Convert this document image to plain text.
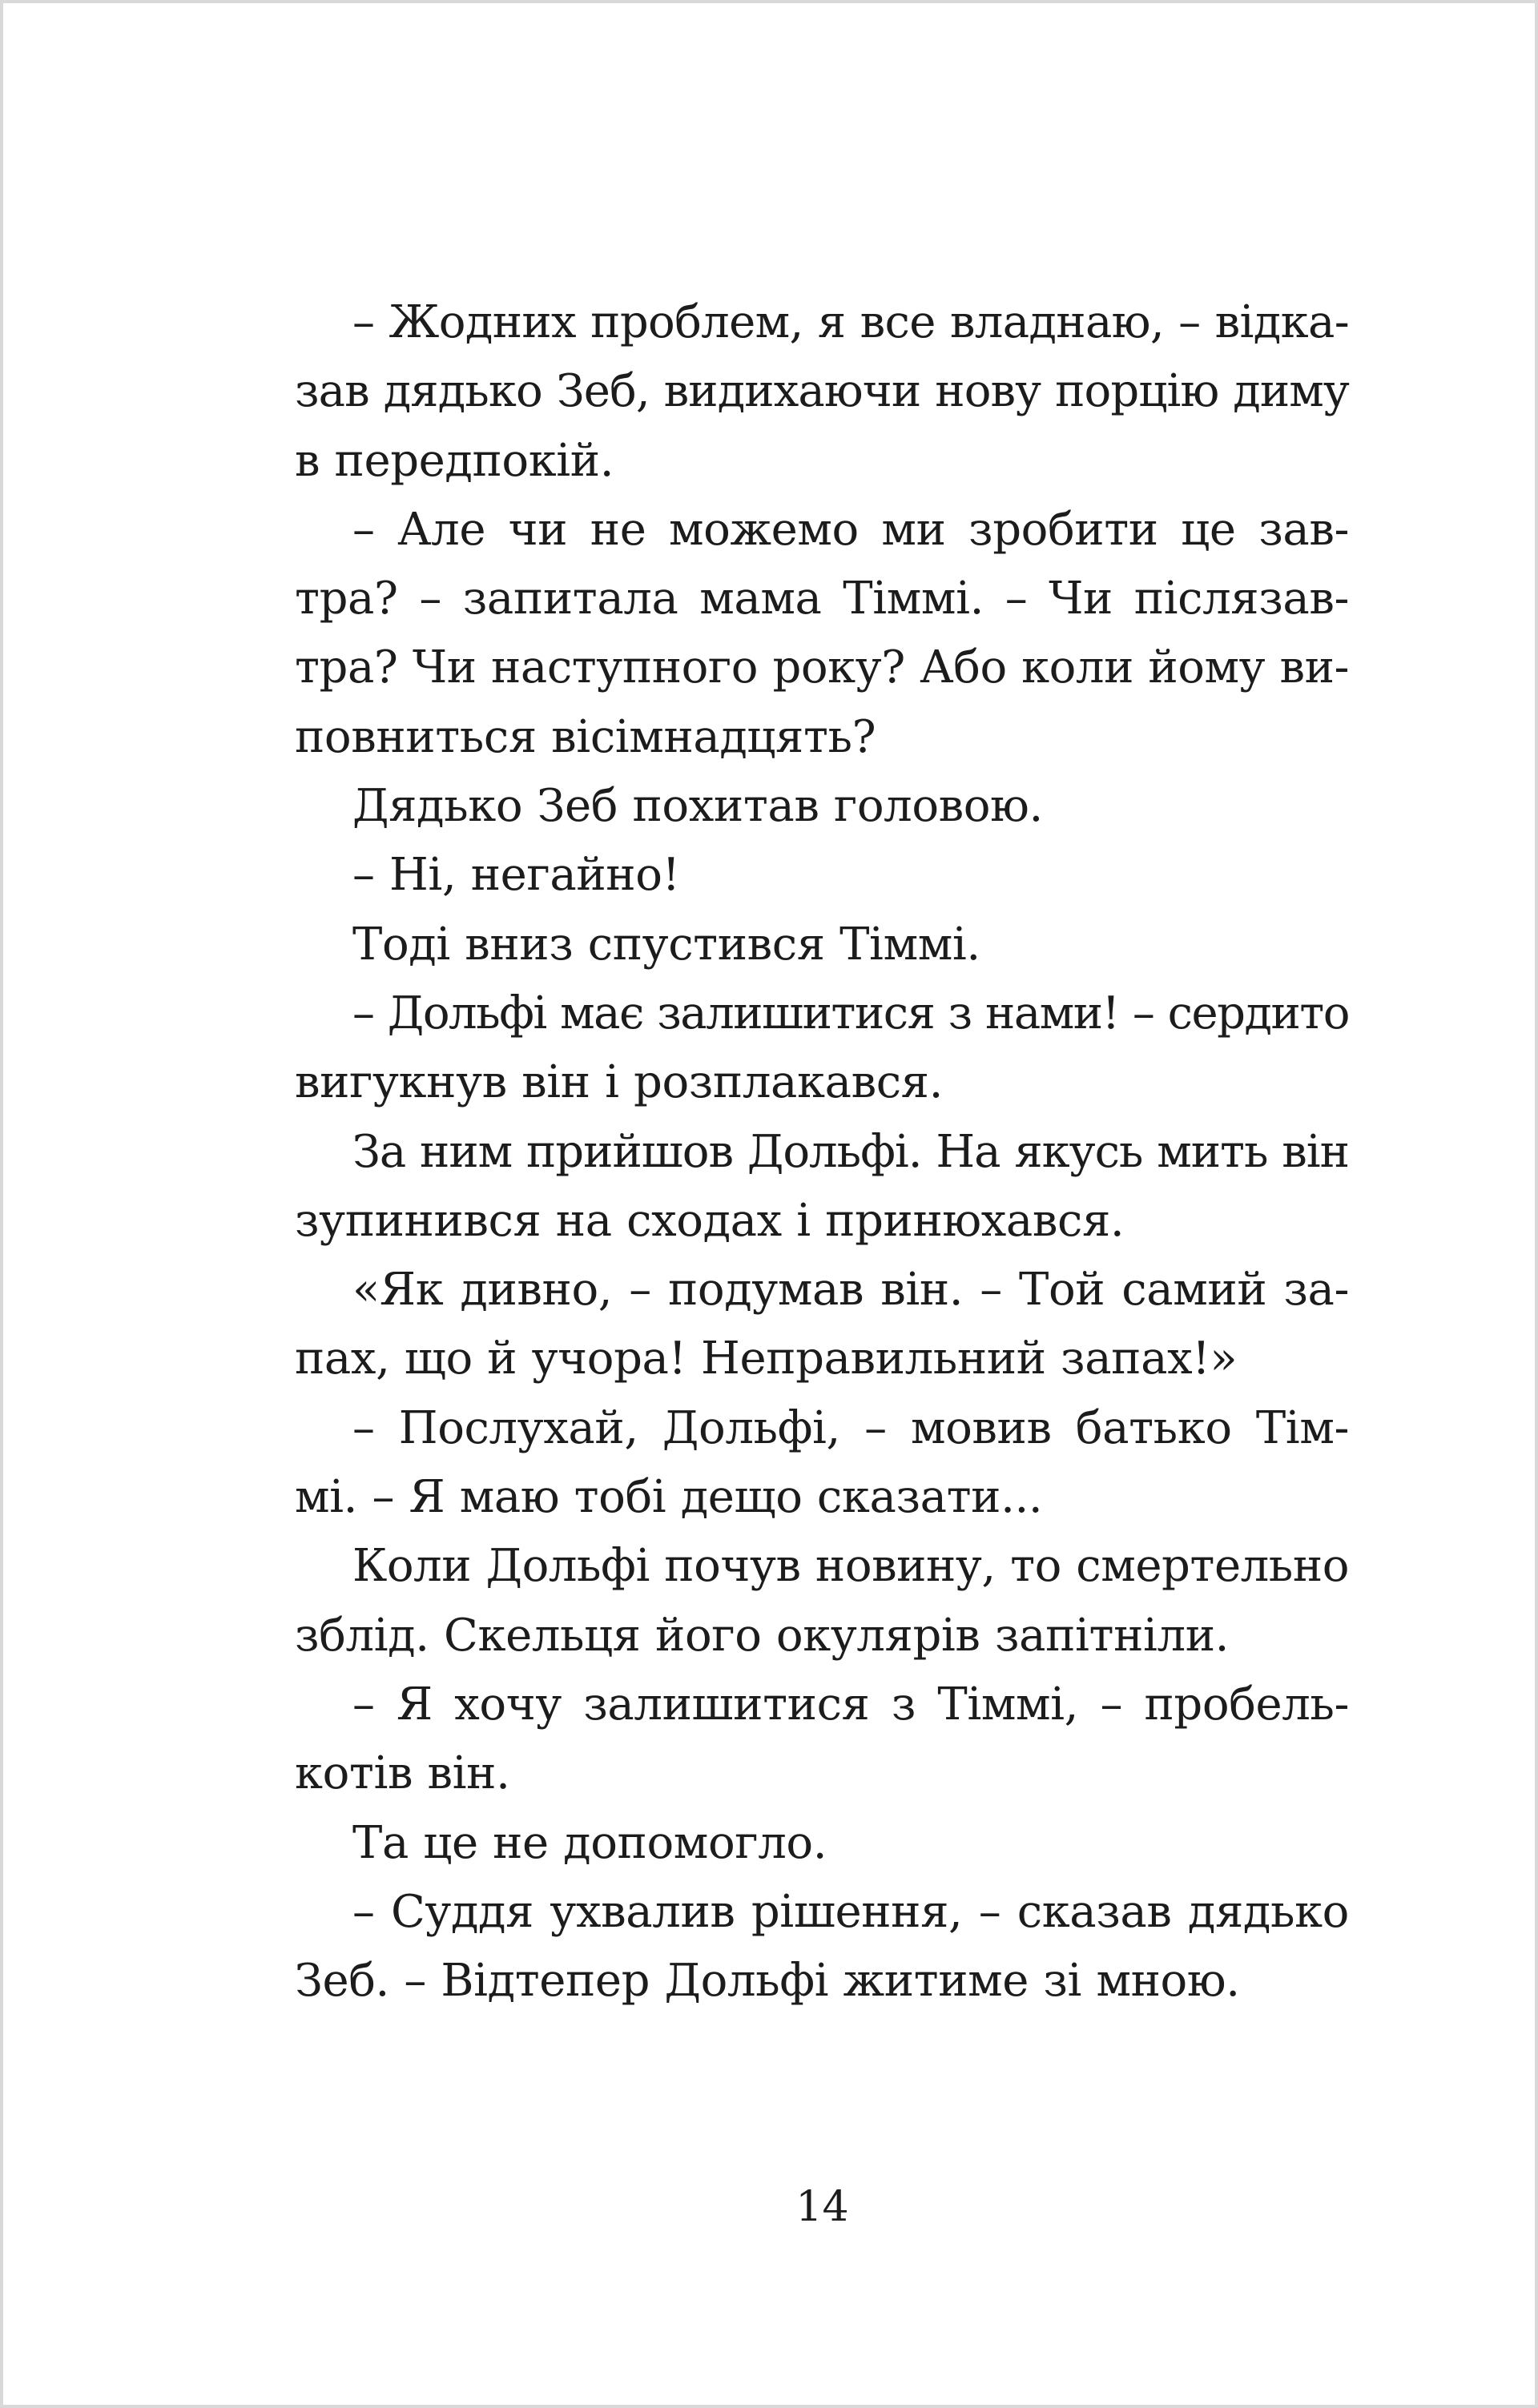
– Жодних проблем, я все владнаю, – відка-
зав дядько Зеб, видихаючи нову порцію диму
в передпокій.
– Але чи не можемо ми зробити це зав-
тра? – запитала мама Тіммі. – Чи післязав-
тра? Чи наступного року? Або коли йому ви-
повниться вісімнадцять?
Дядько Зеб похитав головою.
– Ні, негайно!
Тоді вниз спустився Тіммі.
– Дольфі має залишитися з нами! – сердито
вигукнув він і розплакався.
За ним прийшов Дольфі. На якусь мить він
зупинився на сходах і принюхався.
«Як дивно, – подумав він. – Той самий за-
пах, що й учора! Неправильний запах!»
– Послухай, Дольфі, – мовив батько Тім-
мі. – Я маю тобі дещо сказати...
Коли Дольфі почув новину, то смертельно
зблід. Скельця його окулярів запітніли.
– Я хочу залишитися з Тіммі, – пробель-
котів він.
Та це не допомогло.
– Суддя ухвалив рішення, – сказав дядько
Зеб. – Відтепер Дольфі житиме зі мною.
14
